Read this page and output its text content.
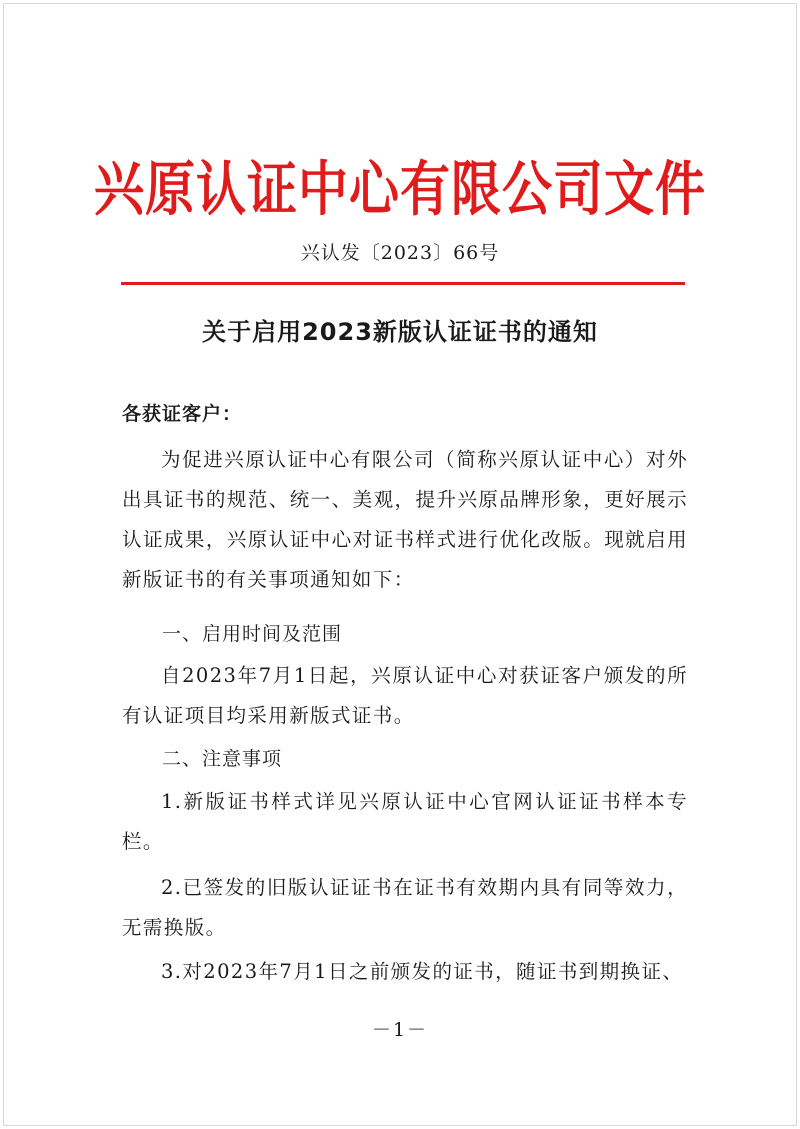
兴原认证中心有限公司文件
兴认发〔2023〕66号
关于启用2023新版认证证书的通知
各获证客户：
为促进兴原认证中心有限公司（简称兴原认证中心）对外出具证书的规范、统一、美观，提升兴原品牌形象，更好展示认证成果，兴原认证中心对证书样式进行优化改版。现就启用新版证书的有关事项通知如下：
一、启用时间及范围
自2023年7月1日起，兴原认证中心对获证客户颁发的所有认证项目均采用新版式证书。
二、注意事项
1.新版证书样式详见兴原认证中心官网认证证书样本专栏。
2.已签发的旧版认证证书在证书有效期内具有同等效力，无需换版。
3.对2023年7月1日之前颁发的证书，随证书到期换证、
－1－
